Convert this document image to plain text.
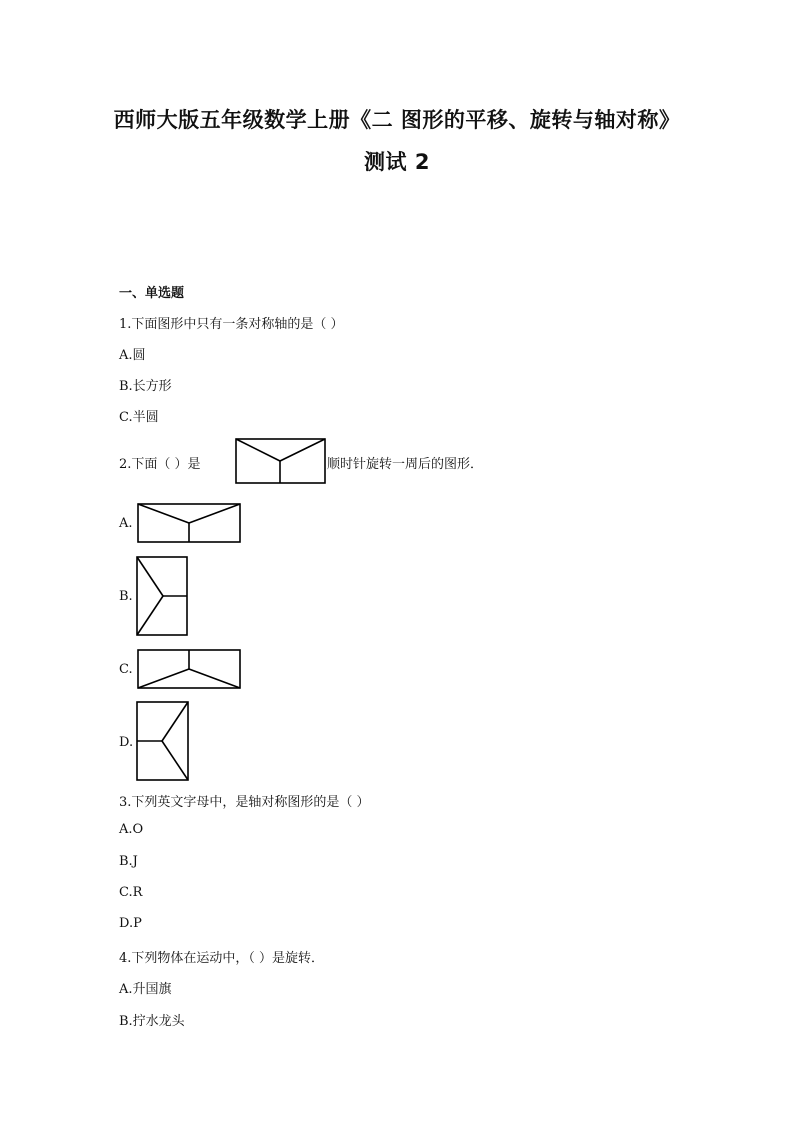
西师大版五年级数学上册《二 图形的平移、旋转与轴对称》
测试 2
一、单选题
1.下面图形中只有一条对称轴的是（ ）
A.圆
B.长方形
C.半圆
2.下面（ ）是	顺时针旋转一周后的图形．
A.
B.
C.
D.
3.下列英文字母中，是轴对称图形的是（ ）
A.O
B.J
C.R
D.P
4.下列物体在运动中，（ ）是旋转．
A.升国旗
B.拧水龙头
